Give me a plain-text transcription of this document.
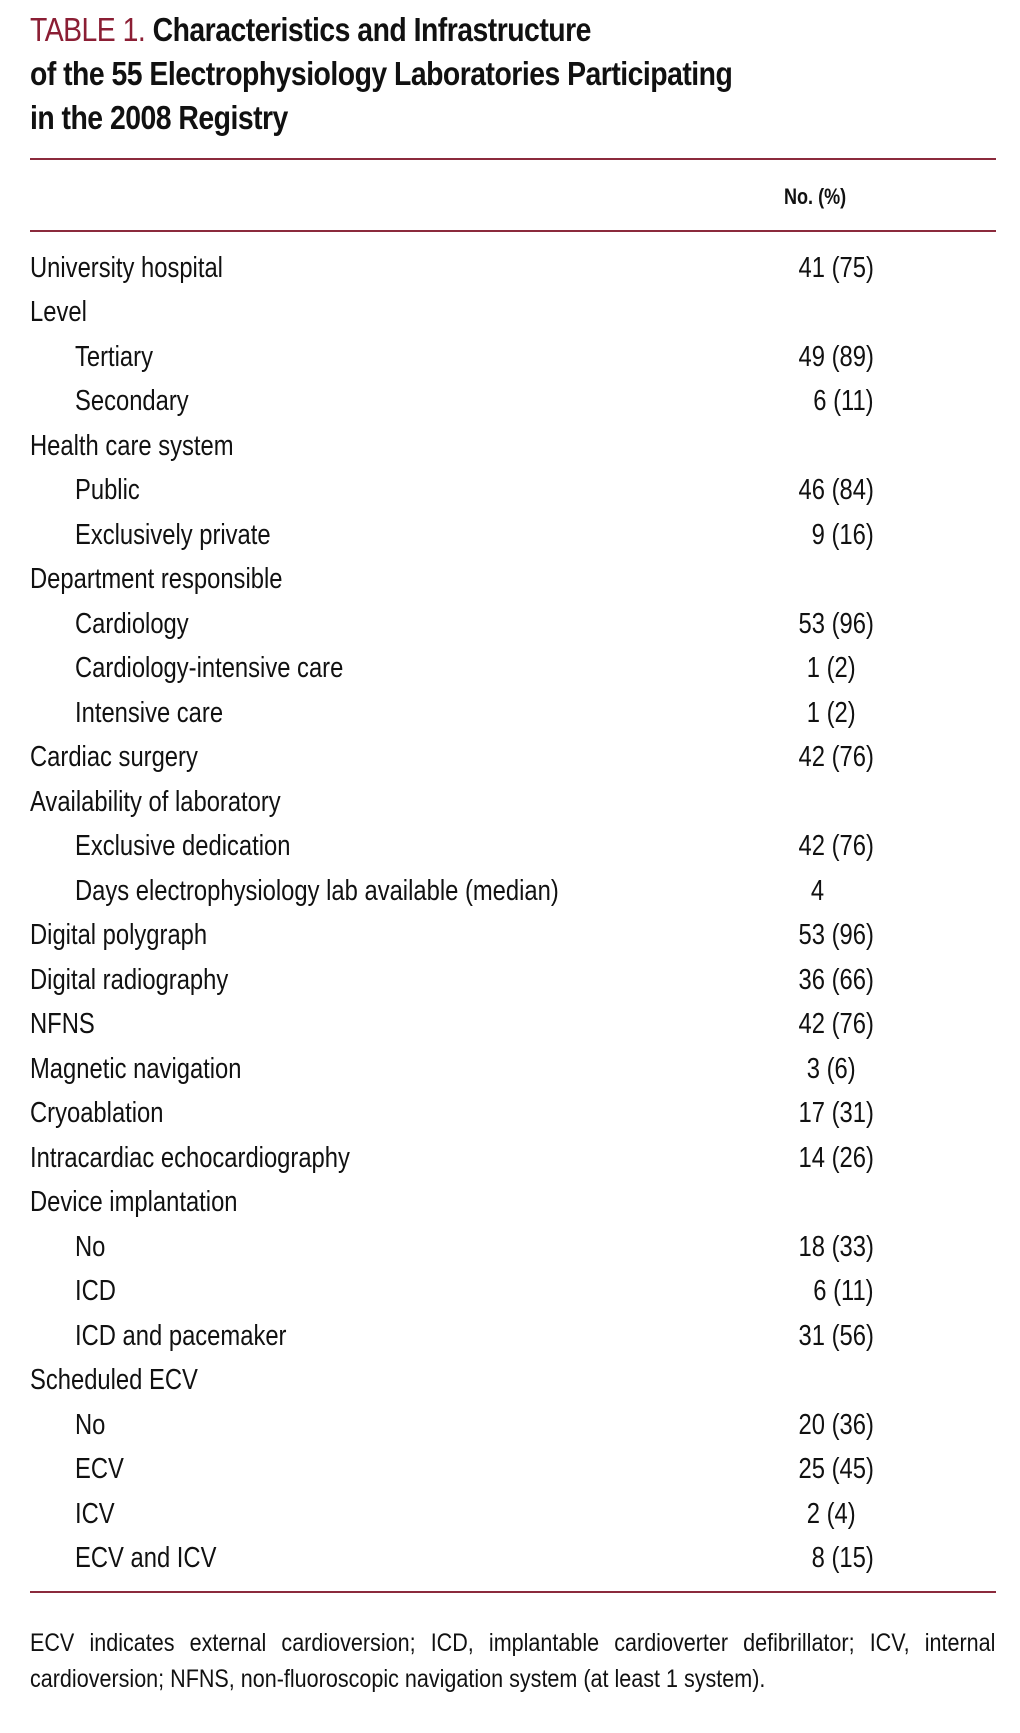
TABLE 1. Characteristics and Infrastructure
of the 55 Electrophysiology Laboratories Participating
in the 2008 Registry
No. (%)
University hospital	41 (75)
Level	
Tertiary	49 (89)
Secondary	6 (11)
Health care system	
Public	46 (84)
Exclusively private	9 (16)
Department responsible	
Cardiology	53 (96)
Cardiology-intensive care	1 (2)
Intensive care	1 (2)
Cardiac surgery	42 (76)
Availability of laboratory	
Exclusive dedication	42 (76)
Days electrophysiology lab available (median)	4
Digital polygraph	53 (96)
Digital radiography	36 (66)
NFNS	42 (76)
Magnetic navigation	3 (6)
Cryoablation	17 (31)
Intracardiac echocardiography	14 (26)
Device implantation	
No	18 (33)
ICD	6 (11)
ICD and pacemaker	31 (56)
Scheduled ECV	
No	20 (36)
ECV	25 (45)
ICV	2 (4)
ECV and ICV	8 (15)
ECV indicates external cardioversion; ICD, implantable cardioverter defibrillator; ICV, internal cardioversion; NFNS, non-fluoroscopic navigation system (at least 1 system).
